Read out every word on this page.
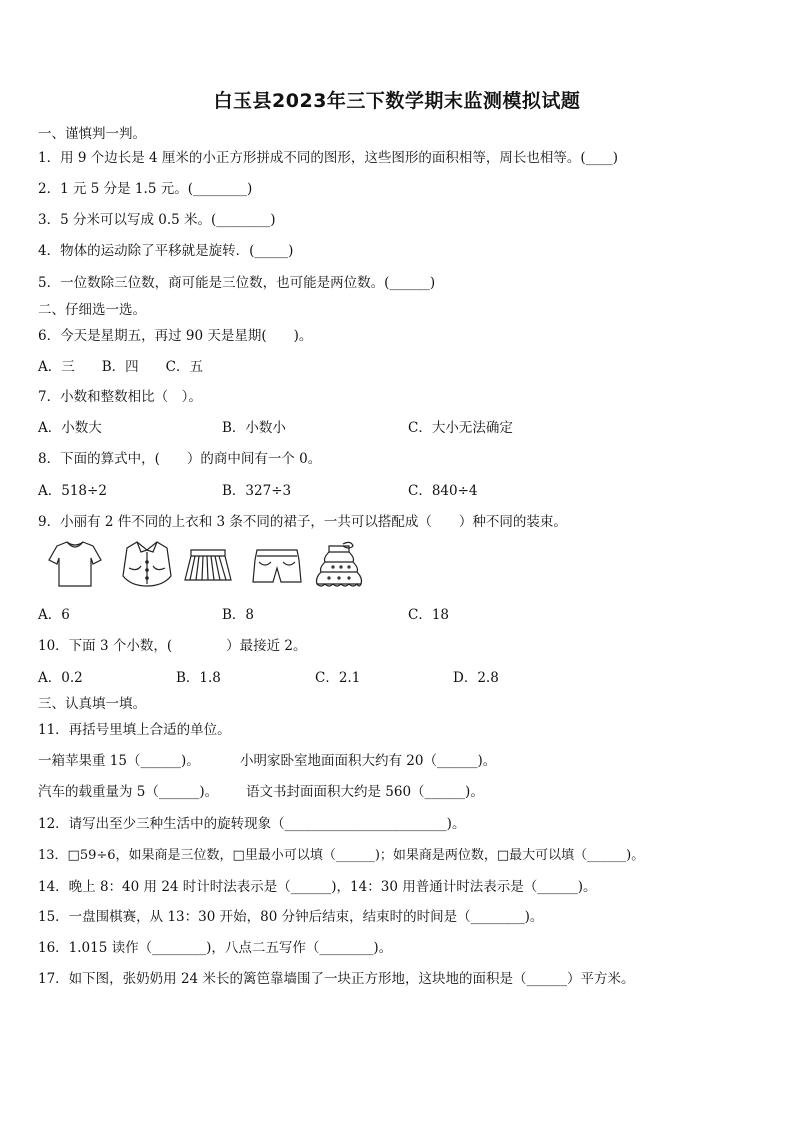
白玉县2023年三下数学期末监测模拟试题
一、谨慎判一判。
1．用 9 个边长是 4 厘米的小正方形拼成不同的图形，这些图形的面积相等，周长也相等。(____)
2．1 元 5 分是 1.5 元。(________)
3．5 分米可以写成 0.5 米。(________)
4．物体的运动除了平移就是旋转．(_____)
5．一位数除三位数，商可能是三位数，也可能是两位数。(______)
二、仔细选一选。
6．今天是星期五，再过 90 天是星期(　　)。
A．三　　B．四　　C．五
7．小数和整数相比（　）。
A．小数大	B．小数小	C．大小无法确定
8．下面的算式中，(　　）的商中间有一个 0。
A．518÷2	B．327÷3	C．840÷4
9．小丽有 2 件不同的上衣和 3 条不同的裙子，一共可以搭配成（　　）种不同的装束。
A．6	B．8	C．18
10．下面 3 个小数，(　　　　）最接近 2。
A．0.2	B．1.8	C．2.1	D．2.8
三、认真填一填。
11．再括号里填上合适的单位。
一箱苹果重 15（______)。	小明家卧室地面面积大约有 20（______)。
汽车的载重量为 5（______)。 语文书封面面积大约是 560（______)。
12．请写出至少三种生活中的旋转现象（________________________)。
13．□59÷6，如果商是三位数，□里最小可以填（______)；如果商是两位数，□最大可以填（______)。
14．晚上 8：40 用 24 时计时法表示是（______)，14：30 用普通计时法表示是（______)。
15．一盘围棋赛，从 13：30 开始，80 分钟后结束，结束时的时间是（________)。
16．1.015 读作（________)，八点二五写作（________)。
17．如下图，张奶奶用 24 米长的篱笆靠墙围了一块正方形地，这块地的面积是（______）平方米。
